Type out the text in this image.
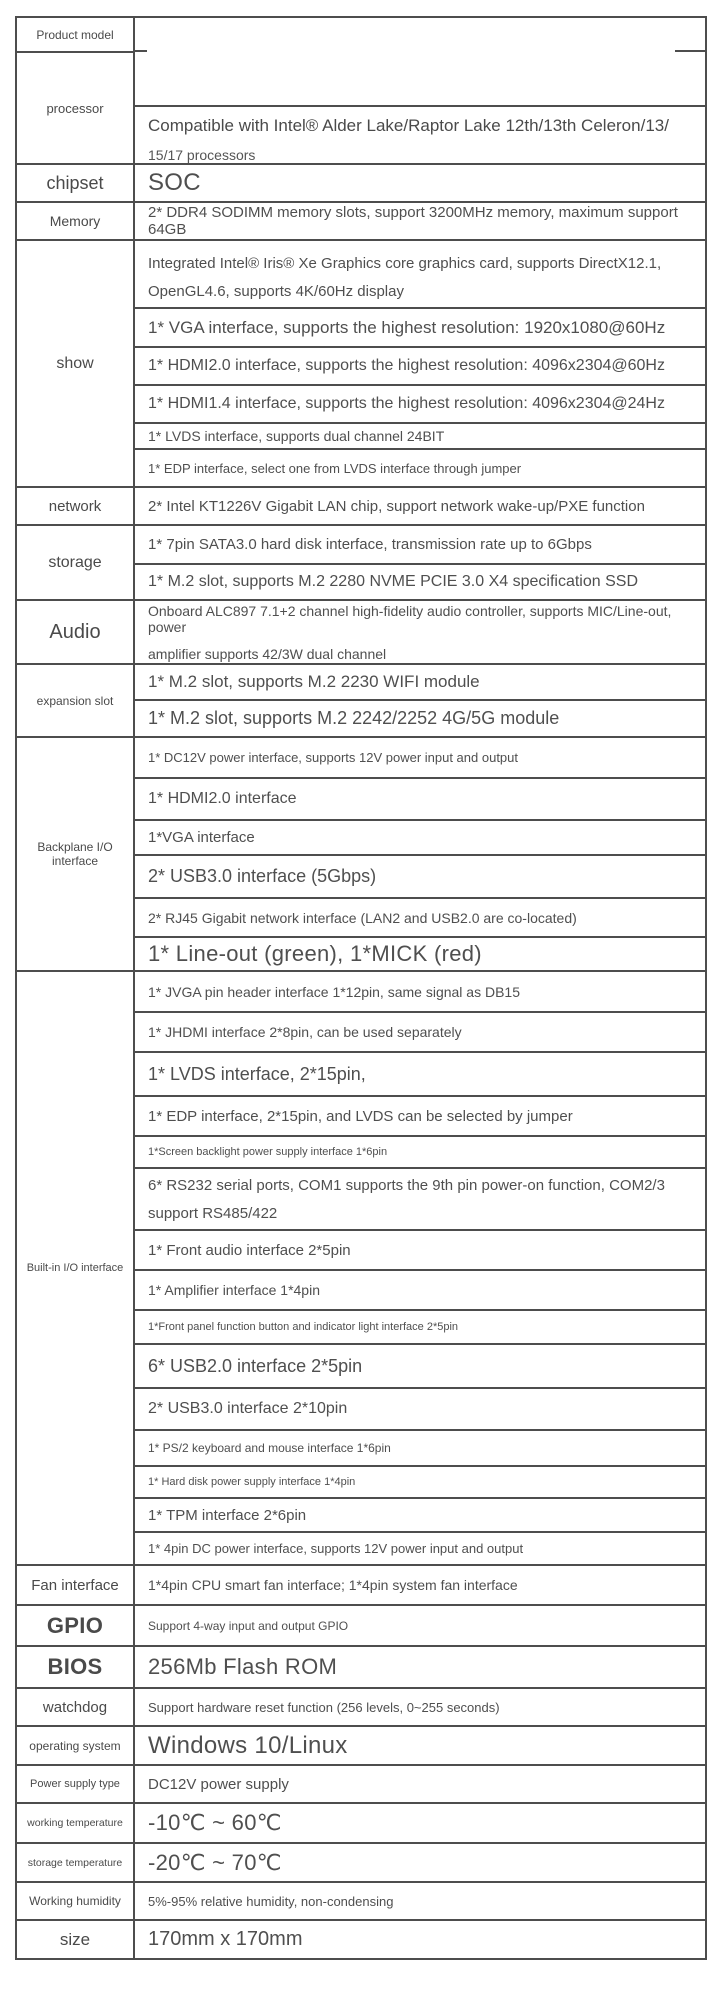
Product model	

processor	Compatible with Intel® Alder Lake/Raptor Lake 12th/13th Celeron/13/
15/17 processors

chipset	SOC
Memory	2* DDR4 SODIMM memory slots, support 3200MHz memory, maximum support 64GB
show	Integrated Intel® Iris® Xe Graphics core graphics card, supports DirectX12.1,
OpenGL4.6, supports 4K/60Hz display

	1* VGA interface, supports the highest resolution: 1920x1080@60Hz
	1* HDMI2.0 interface, supports the highest resolution: 4096x2304@60Hz
	1* HDMI1.4 interface, supports the highest resolution: 4096x2304@24Hz
	1* LVDS interface, supports dual channel 24BIT
	1* EDP interface, select one from LVDS interface through jumper
network	2* Intel KT1226V Gigabit LAN chip, support network wake-up/PXE function
storage	1* 7pin SATA3.0 hard disk interface, transmission rate up to 6Gbps
	1* M.2 slot, supports M.2 2280 NVME PCIE 3.0 X4 specification SSD
Audio	Onboard ALC897 7.1+2 channel high-fidelity audio controller, supports MIC/Line-out, power
amplifier supports 42/3W dual channel

expansion slot	1* M.2 slot, supports M.2 2230 WIFI module
	1* M.2 slot, supports M.2 2242/2252 4G/5G module
Backplane I/O interface	1* DC12V power interface, supports 12V power input and output
	1* HDMI2.0 interface
	1*VGA interface
	2* USB3.0 interface (5Gbps)
	2* RJ45 Gigabit network interface (LAN2 and USB2.0 are co-located)
	1* Line-out (green), 1*MICK (red)
Built-in I/O interface	1* JVGA pin header interface 1*12pin, same signal as DB15
	1* JHDMI interface 2*8pin, can be used separately
	1* LVDS interface, 2*15pin,
	1* EDP interface, 2*15pin, and LVDS can be selected by jumper
	1*Screen backlight power supply interface 1*6pin

	6* RS232 serial ports, COM1 supports the 9th pin power-on function, COM2/3
support RS485/422

	1* Front audio interface 2*5pin
	1* Amplifier interface 1*4pin
	1*Front panel function button and indicator light interface 2*5pin
	6* USB2.0 interface 2*5pin
	2* USB3.0 interface 2*10pin
	1* PS/2 keyboard and mouse interface 1*6pin
	1* Hard disk power supply interface 1*4pin
	1* TPM interface 2*6pin
	1* 4pin DC power interface, supports 12V power input and output
Fan interface	1*4pin CPU smart fan interface; 1*4pin system fan interface
GPIO	Support 4-way input and output GPIO
BIOS	256Mb Flash ROM
watchdog	Support hardware reset function (256 levels, 0~255 seconds)
operating system	Windows 10/Linux
Power supply type	DC12V power supply
working temperature	-10℃ ~ 60℃
storage temperature	-20℃ ~ 70℃
Working humidity	5%-95% relative humidity, non-condensing
size	170mm x 170mm
